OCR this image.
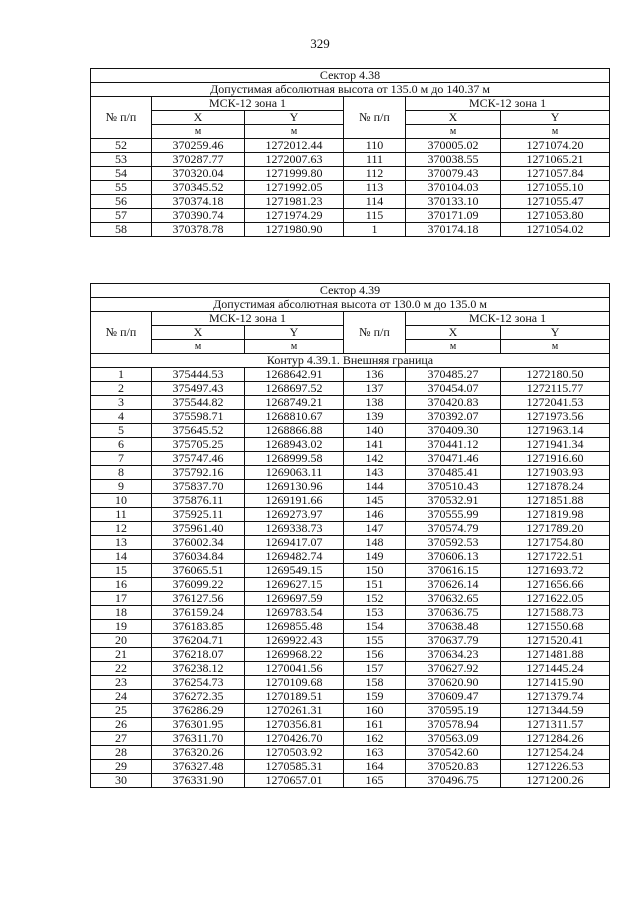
329
Сектор 4.38					
Допустимая абсолютная высота от 135.0 м до 140.37 м					
№ п/п	МСК-12 зона 1		№ п/п	МСК-12 зона 1	
	X	Y		X	Y
	м	м		м	м
52	370259.46	1272012.44	110	370005.02	1271074.20
53	370287.77	1272007.63	111	370038.55	1271065.21
54	370320.04	1271999.80	112	370079.43	1271057.84
55	370345.52	1271992.05	113	370104.03	1271055.10
56	370374.18	1271981.23	114	370133.10	1271055.47
57	370390.74	1271974.29	115	370171.09	1271053.80
58	370378.78	1271980.90	1	370174.18	1271054.02
Сектор 4.39					
Допустимая абсолютная высота от 130.0 м до 135.0 м					
№ п/п	МСК-12 зона 1		№ п/п	МСК-12 зона 1	
	X	Y		X	Y
	м	м		м	м
Контур 4.39.1. Внешняя граница					
1	375444.53	1268642.91	136	370485.27	1272180.50
2	375497.43	1268697.52	137	370454.07	1272115.77
3	375544.82	1268749.21	138	370420.83	1272041.53
4	375598.71	1268810.67	139	370392.07	1271973.56
5	375645.52	1268866.88	140	370409.30	1271963.14
6	375705.25	1268943.02	141	370441.12	1271941.34
7	375747.46	1268999.58	142	370471.46	1271916.60
8	375792.16	1269063.11	143	370485.41	1271903.93
9	375837.70	1269130.96	144	370510.43	1271878.24
10	375876.11	1269191.66	145	370532.91	1271851.88
11	375925.11	1269273.97	146	370555.99	1271819.98
12	375961.40	1269338.73	147	370574.79	1271789.20
13	376002.34	1269417.07	148	370592.53	1271754.80
14	376034.84	1269482.74	149	370606.13	1271722.51
15	376065.51	1269549.15	150	370616.15	1271693.72
16	376099.22	1269627.15	151	370626.14	1271656.66
17	376127.56	1269697.59	152	370632.65	1271622.05
18	376159.24	1269783.54	153	370636.75	1271588.73
19	376183.85	1269855.48	154	370638.48	1271550.68
20	376204.71	1269922.43	155	370637.79	1271520.41
21	376218.07	1269968.22	156	370634.23	1271481.88
22	376238.12	1270041.56	157	370627.92	1271445.24
23	376254.73	1270109.68	158	370620.90	1271415.90
24	376272.35	1270189.51	159	370609.47	1271379.74
25	376286.29	1270261.31	160	370595.19	1271344.59
26	376301.95	1270356.81	161	370578.94	1271311.57
27	376311.70	1270426.70	162	370563.09	1271284.26
28	376320.26	1270503.92	163	370542.60	1271254.24
29	376327.48	1270585.31	164	370520.83	1271226.53
30	376331.90	1270657.01	165	370496.75	1271200.26
